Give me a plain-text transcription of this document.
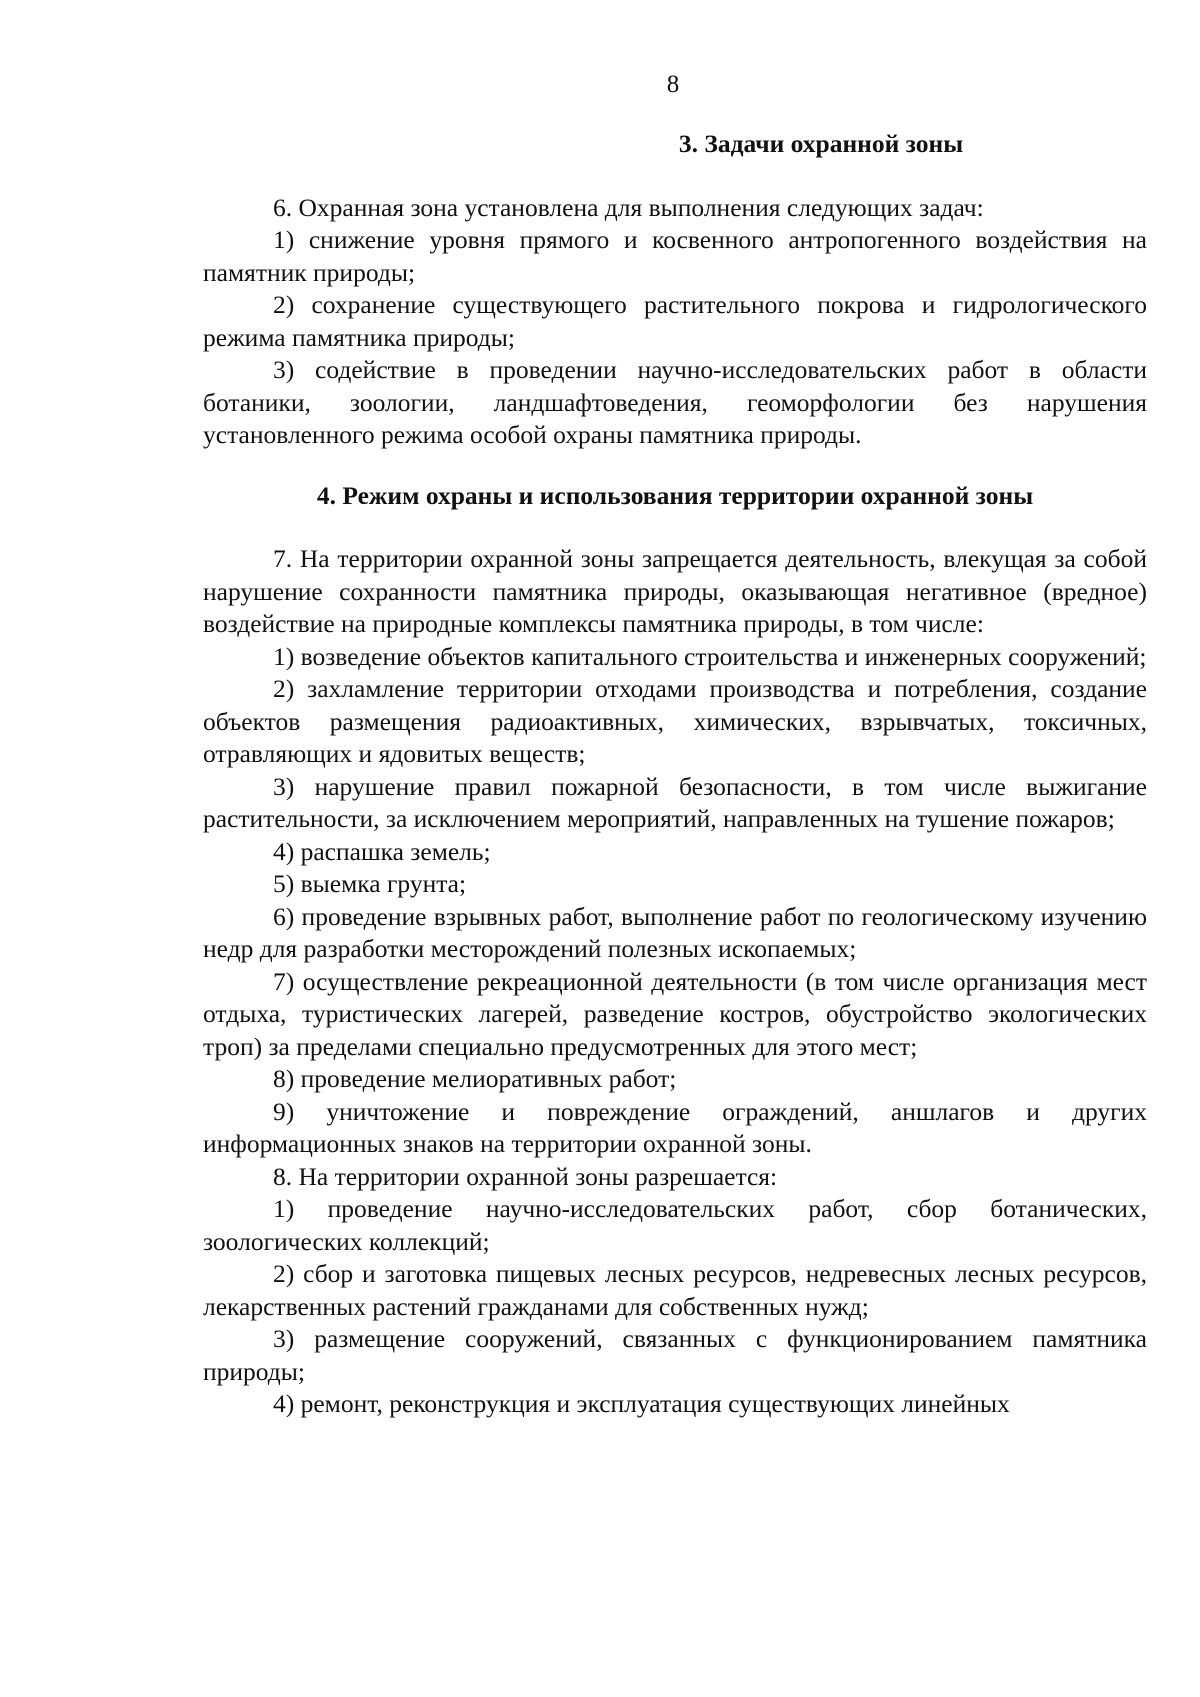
8
3. Задачи охранной зоны

6. Охранная зона установлена для выполнения следующих задач:

1) снижение уровня прямого и косвенного антропогенного воздействия на памятник природы;

2) сохранение существующего растительного покрова и гидрологического режима памятника природы;

3) содействие в проведении научно-исследовательских работ в области ботаники, зоологии, ландшафтоведения, геоморфологии без нарушения установленного режима особой охраны памятника природы.

4. Режим охраны и использования территории охранной зоны

7. На территории охранной зоны запрещается деятельность, влекущая за собой нарушение сохранности памятника природы, оказывающая негативное (вредное) воздействие на природные комплексы памятника природы, в том числе:

1) возведение объектов капитального строительства и инженерных сооружений;

2) захламление территории отходами производства и потребления, создание объектов размещения радиоактивных, химических, взрывчатых, токсичных, отравляющих и ядовитых веществ;

3) нарушение правил пожарной безопасности, в том числе выжигание растительности, за исключением мероприятий, направленных на тушение пожаров;

4) распашка земель;

5) выемка грунта;

6) проведение взрывных работ, выполнение работ по геологическому изучению недр для разработки месторождений полезных ископаемых;

7) осуществление рекреационной деятельности (в том числе организация мест отдыха, туристических лагерей, разведение костров, обустройство экологических троп) за пределами специально предусмотренных для этого мест;

8) проведение мелиоративных работ;

9) уничтожение и повреждение ограждений, аншлагов и других информационных знаков на территории охранной зоны.

8. На территории охранной зоны разрешается:

1) проведение научно-исследовательских работ, сбор ботанических, зоологических коллекций;

2) сбор и заготовка пищевых лесных ресурсов, недревесных лесных ресурсов, лекарственных растений гражданами для собственных нужд;

3) размещение сооружений, связанных с функционированием памятника природы;

4) ремонт, реконструкция и эксплуатация существующих линейных
